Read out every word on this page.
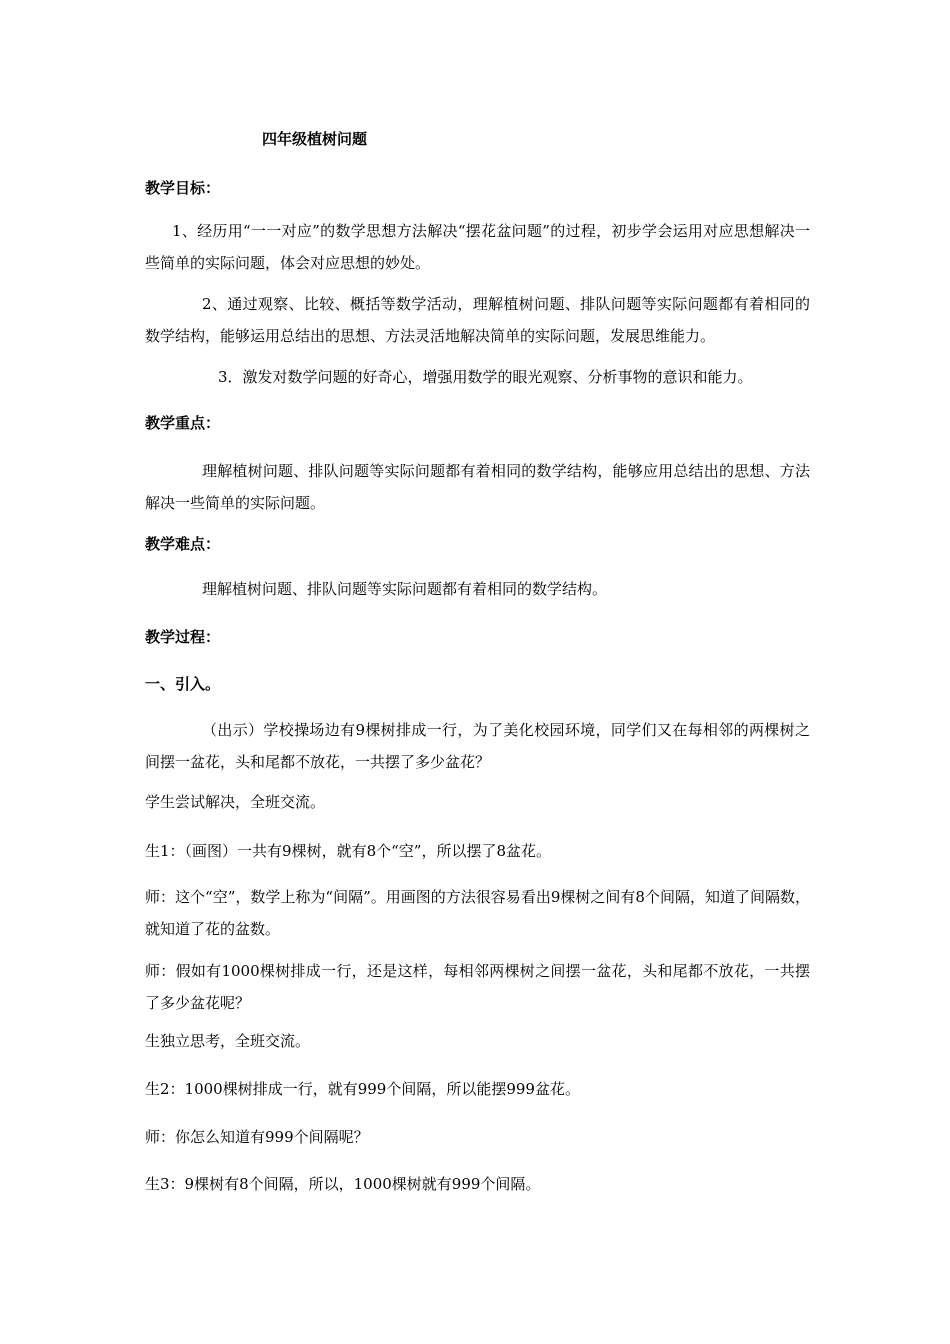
四年级植树问题
教学目标：
1、经历用“一一对应”的数学思想方法解决“摆花盆问题”的过程，初步学会运用对应思想解决一些简单的实际问题，体会对应思想的妙处。
2、通过观察、比较、概括等数学活动，理解植树问题、排队问题等实际问题都有着相同的数学结构，能够运用总结出的思想、方法灵活地解决简单的实际问题，发展思维能力。
3．激发对数学问题的好奇心，增强用数学的眼光观察、分析事物的意识和能力。
教学重点：
理解植树问题、排队问题等实际问题都有着相同的数学结构，能够应用总结出的思想、方法解决一些简单的实际问题。
教学难点：
理解植树问题、排队问题等实际问题都有着相同的数学结构。
教学过程：
一、引入。
（出示）学校操场边有9棵树排成一行，为了美化校园环境，同学们又在每相邻的两棵树之间摆一盆花，头和尾都不放花，一共摆了多少盆花？
学生尝试解决，全班交流。
生1：（画图）一共有9棵树，就有8个“空”，所以摆了8盆花。
师：这个“空”，数学上称为“间隔”。用画图的方法很容易看出9棵树之间有8个间隔，知道了间隔数，就知道了花的盆数。
师：假如有1000棵树排成一行，还是这样，每相邻两棵树之间摆一盆花，头和尾都不放花，一共摆了多少盆花呢？
生独立思考，全班交流。
生2：1000棵树排成一行，就有999个间隔，所以能摆999盆花。
师：你怎么知道有999个间隔呢？
生3：9棵树有8个间隔，所以，1000棵树就有999个间隔。
